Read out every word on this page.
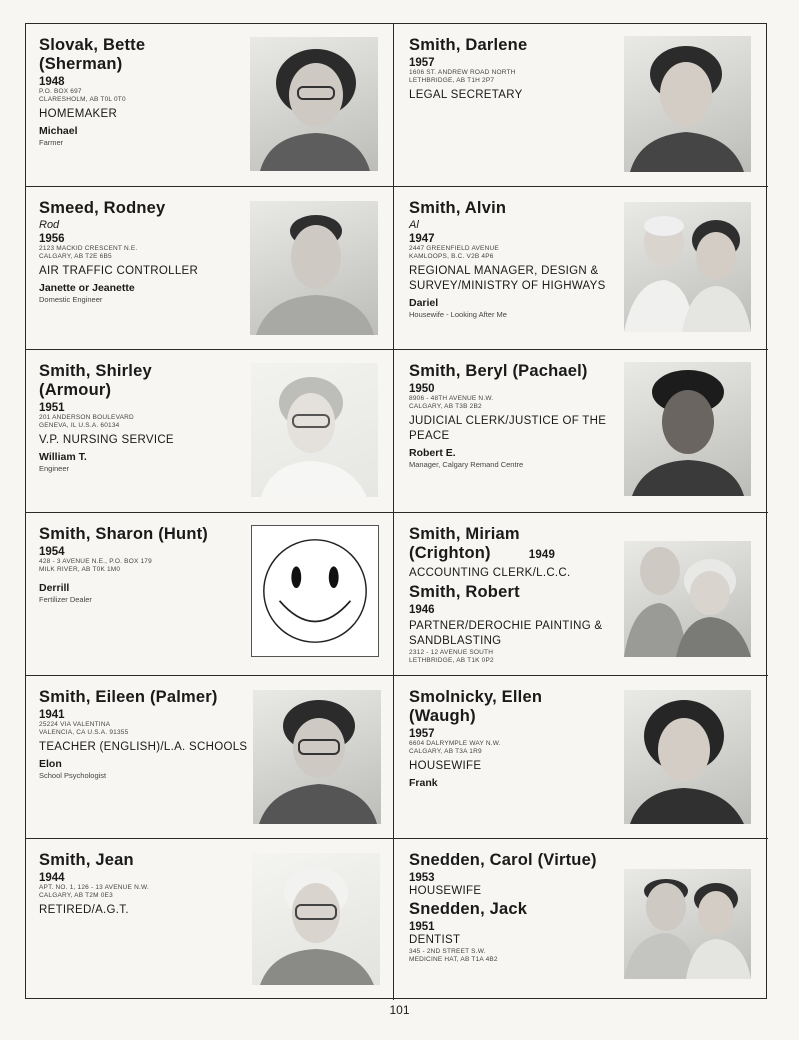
Slovak, Bette (Sherman)
1948
P.O. BOX 697
CLARESHOLM, AB T0L 0T0
HOMEMAKER
Michael
Farmer
Smith, Darlene
1957
1606 ST. ANDREW ROAD NORTH
LETHBRIDGE, AB T1H 2P7
LEGAL SECRETARY
Smeed, Rodney
Rod
1956
2123 MACKID CRESCENT N.E.
CALGARY, AB T2E 6B5
AIR TRAFFIC CONTROLLER
Janette or Jeanette
Domestic Engineer
Smith, Alvin
Al
1947
2447 GREENFIELD AVENUE
KAMLOOPS, B.C. V2B 4P6
REGIONAL MANAGER, DESIGN & SURVEY/MINISTRY OF HIGHWAYS
Dariel
Housewife - Looking After Me
Smith, Shirley (Armour)
1951
201 ANDERSON BOULEVARD
GENEVA, IL U.S.A. 60134
V.P. NURSING SERVICE
William T.
Engineer
Smith, Beryl (Pachael)
1950
8906 - 48TH AVENUE N.W.
CALGARY, AB T3B 2B2
JUDICIAL CLERK/JUSTICE OF THE PEACE
Robert E.
Manager, Calgary Remand Centre
Smith, Sharon (Hunt)
1954
428 - 3 AVENUE N.E., P.O. BOX 179
MILK RIVER, AB T0K 1M0
Derrill
Fertilizer Dealer
Smith, Miriam
(Crighton)	1949
ACCOUNTING CLERK/L.C.C.
Smith, Robert
1946
PARTNER/DEROCHIE PAINTING & SANDBLASTING
2312 - 12 AVENUE SOUTH
LETHBRIDGE, AB T1K 0P2
Smith, Eileen (Palmer)
1941
25224 VIA VALENTINA
VALENCIA, CA U.S.A. 91355
TEACHER (ENGLISH)/L.A. SCHOOLS
Elon
School Psychologist
Smolnicky, Ellen (Waugh)
1957
6604 DALRYMPLE WAY N.W.
CALGARY, AB T3A 1R9
HOUSEWIFE
Frank
Smith, Jean
1944
APT. NO. 1, 126 - 13 AVENUE N.W.
CALGARY, AB T2M 0E3
RETIRED/A.G.T.
Snedden, Carol (Virtue)
1953
HOUSEWIFE
Snedden, Jack
1951
DENTIST
345 - 2ND STREET S.W.
MEDICINE HAT, AB T1A 4B2
101
